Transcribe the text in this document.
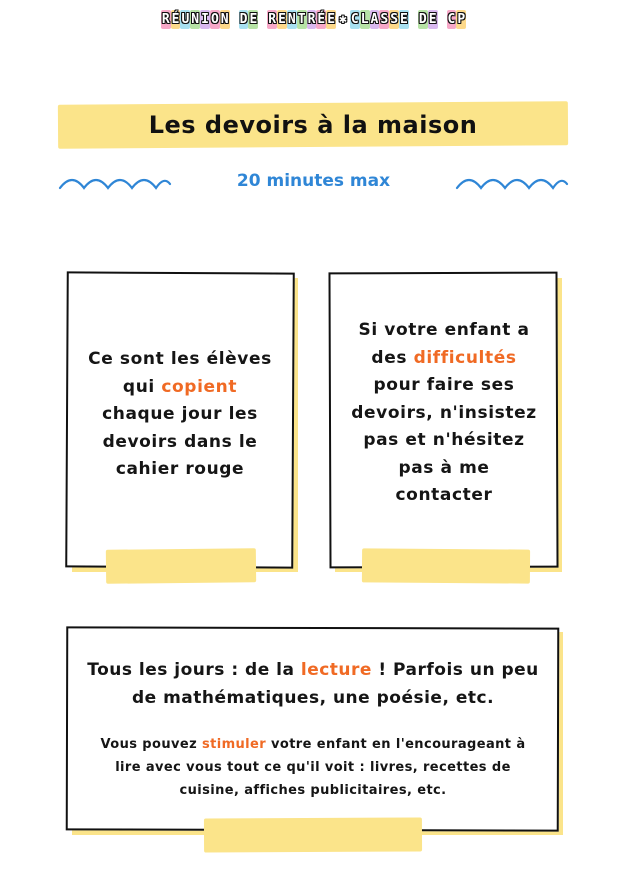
R É U N I O N D E R E N T R É E ✱ C L A S S E D E C P
Les devoirs à la maison
20 minutes max
Ce sont les élèves
qui copient
chaque jour les
devoirs dans le
cahier rouge
Si votre enfant a
des difficultés
pour faire ses
devoirs, n'insistez
pas et n'hésitez
pas à me
contacter
Tous les jours : de la lecture ! Parfois un peu
de mathématiques, une poésie, etc.
Vous pouvez stimuler votre enfant en l'encourageant à
lire avec vous tout ce qu'il voit : livres, recettes de
cuisine, affiches publicitaires, etc.
